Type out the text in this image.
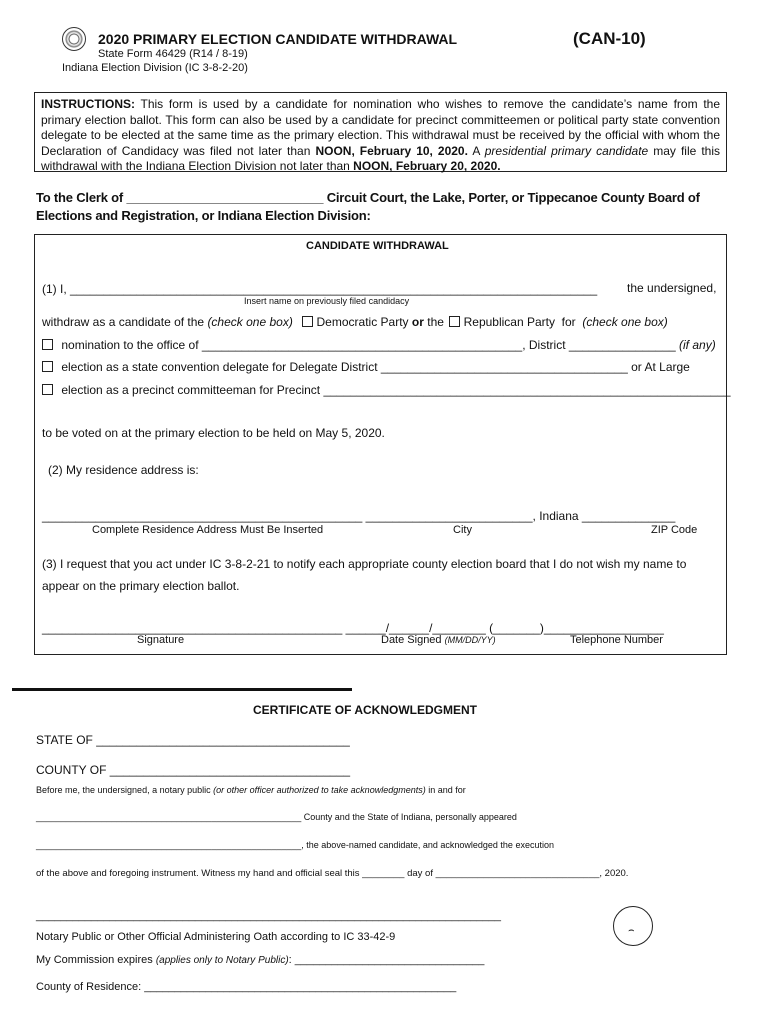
2020 PRIMARY ELECTION CANDIDATE WITHDRAWAL	(CAN-10)
State Form 46429 (R14 / 8-19)
Indiana Election Division (IC 3-8-2-20)
INSTRUCTIONS: This form is used by a candidate for nomination who wishes to remove the candidate’s name from the primary election ballot. This form can also be used by a candidate for precinct committeemen or political party state convention delegate to be elected at the same time as the primary election. This withdrawal must be received by the official with whom the Declaration of Candidacy was filed not later than NOON, February 10, 2020. A presidential primary candidate may file this withdrawal with the Indiana Election Division not later than NOON, February 20, 2020.
To the Clerk of ____________________________ Circuit Court, the Lake, Porter, or Tippecanoe County Board of
Elections and Registration, or Indiana Election Division:
CANDIDATE WITHDRAWAL
(1) I, _______________________________________________________________________________ the undersigned,
Insert name on previously filed candidacy
withdraw as a candidate of the (check one box) Democratic Party or the Republican Party for (check one box)
nomination to the office of ________________________________________________, District ________________ (if any)
election as a state convention delegate for Delegate District _____________________________________ or At Large
election as a precinct committeeman for Precinct _____________________________________________________________
to be voted on at the primary election to be held on May 5, 2020.
(2) My residence address is:
________________________________________________ _________________________, Indiana ______________
Complete Residence Address Must Be Inserted	City	ZIP Code
(3) I request that you act under IC 3-8-2-21 to notify each appropriate county election board that I do not wish my name to
appear on the primary election ballot.
_____________________________________________ ______/______/________ (_______)__________________
Signature	Date Signed (MM/DD/YY)	Telephone Number
CERTIFICATE OF ACKNOWLEDGMENT
STATE OF ______________________________________
COUNTY OF ____________________________________
Before me, the undersigned, a notary public (or other officer authorized to take acknowledgments) in and for
_____________________________________________________ County and the State of Indiana, personally appeared
_____________________________________________________, the above-named candidate, and acknowledged the execution
of the above and foregoing instrument. Witness my hand and official seal this ________ day of _______________________________, 2020.
____________________________________________________________________________
Notary Public or Other Official Administering Oath according to IC 33-42-9
My Commission expires (applies only to Notary Public): _______________________________
County of Residence: ___________________________________________________
⌢
